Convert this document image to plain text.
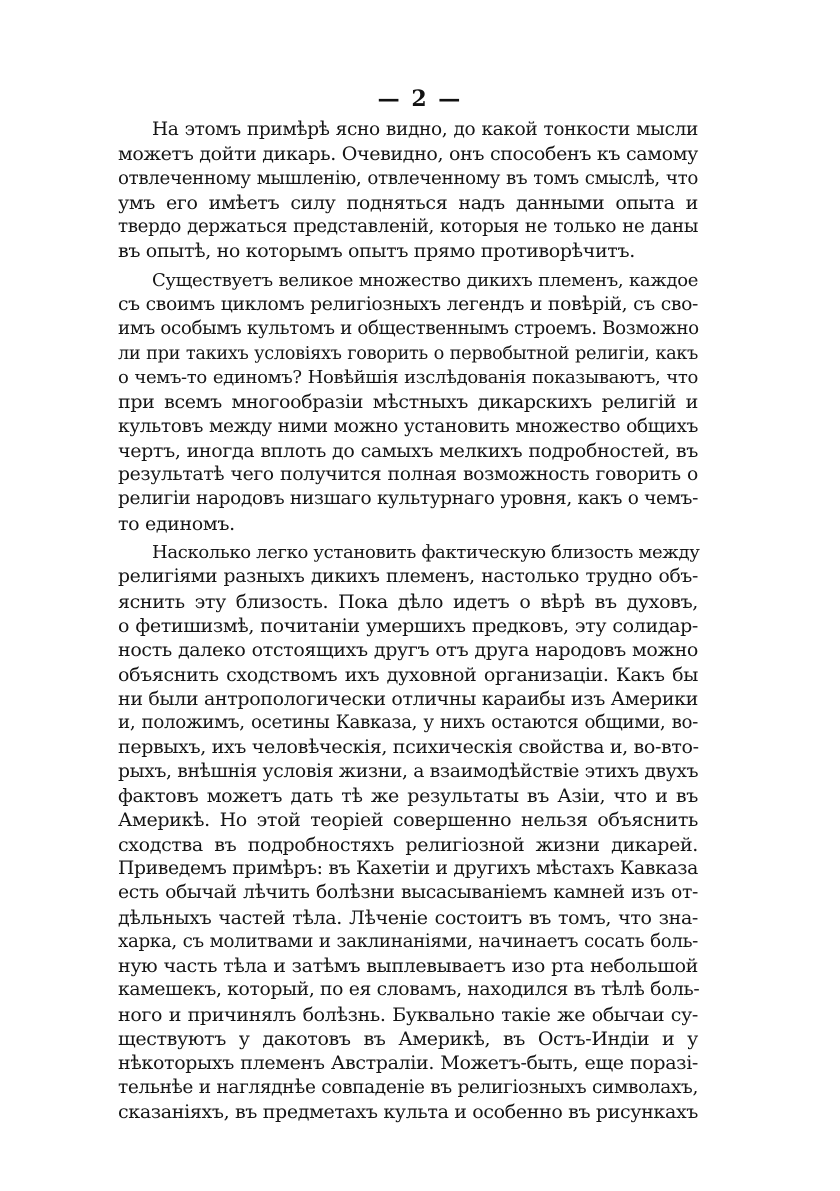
— 2 —
На этомъ примѣрѣ ясно видно, до какой тонкости мысли
можетъ дойти дикарь. Очевидно, онъ способенъ къ самому
отвлеченному мышленію, отвлеченному въ томъ смыслѣ, что
умъ его имѣетъ силу подняться надъ данными опыта и
твердо держаться представленій, которыя не только не даны
въ опытѣ, но которымъ опытъ прямо противорѣчитъ.
Существуетъ великое множество дикихъ племенъ, каждое
съ своимъ цикломъ религіозныхъ легендъ и повѣрій, съ сво-
имъ особымъ культомъ и общественнымъ строемъ. Возможно
ли при такихъ условіяхъ говорить о первобытной религіи, какъ
о чемъ-то единомъ? Новѣйшія изслѣдованія показываютъ, что
при всемъ многообразіи мѣстныхъ дикарскихъ религій и
культовъ между ними можно установить множество общихъ
чертъ, иногда вплоть до самыхъ мелкихъ подробностей, въ
результатѣ чего получится полная возможность говорить о
религіи народовъ низшаго культурнаго уровня, какъ о чемъ-
то единомъ.
Насколько легко установить фактическую близость между
религіями разныхъ дикихъ племенъ, настолько трудно объ-
яснить эту близость. Пока дѣло идетъ о вѣрѣ въ духовъ,
о фетишизмѣ, почитаніи умершихъ предковъ, эту солидар-
ность далеко отстоящихъ другъ отъ друга народовъ можно
объяснить сходствомъ ихъ духовной организаціи. Какъ бы
ни были антропологически отличны караибы изъ Америки
и, положимъ, осетины Кавказа, у нихъ остаются общими, во-
первыхъ, ихъ человѣческія, психическія свойства и, во-вто-
рыхъ, внѣшнія условія жизни, а взаимодѣйствіе этихъ двухъ
фактовъ можетъ дать тѣ же результаты въ Азіи, что и въ
Америкѣ. Но этой теоріей совершенно нельзя объяснить
сходства въ подробностяхъ религіозной жизни дикарей.
Приведемъ примѣръ: въ Кахетіи и другихъ мѣстахъ Кавказа
есть обычай лѣчить болѣзни высасываніемъ камней изъ от-
дѣльныхъ частей тѣла. Лѣченіе состоитъ въ томъ, что зна-
харка, съ молитвами и заклинаніями, начинаетъ сосать боль-
ную часть тѣла и затѣмъ выплевываетъ изо рта небольшой
камешекъ, который, по ея словамъ, находился въ тѣлѣ боль-
ного и причинялъ болѣзнь. Буквально такіе же обычаи су-
ществуютъ у дакотовъ въ Америкѣ, въ Остъ-Индіи и у
нѣкоторыхъ племенъ Австраліи. Можетъ-быть, еще поразі-
тельнѣе и нагляднѣе совпаденіе въ религіозныхъ символахъ,
сказаніяхъ, въ предметахъ культа и особенно въ рисункахъ
